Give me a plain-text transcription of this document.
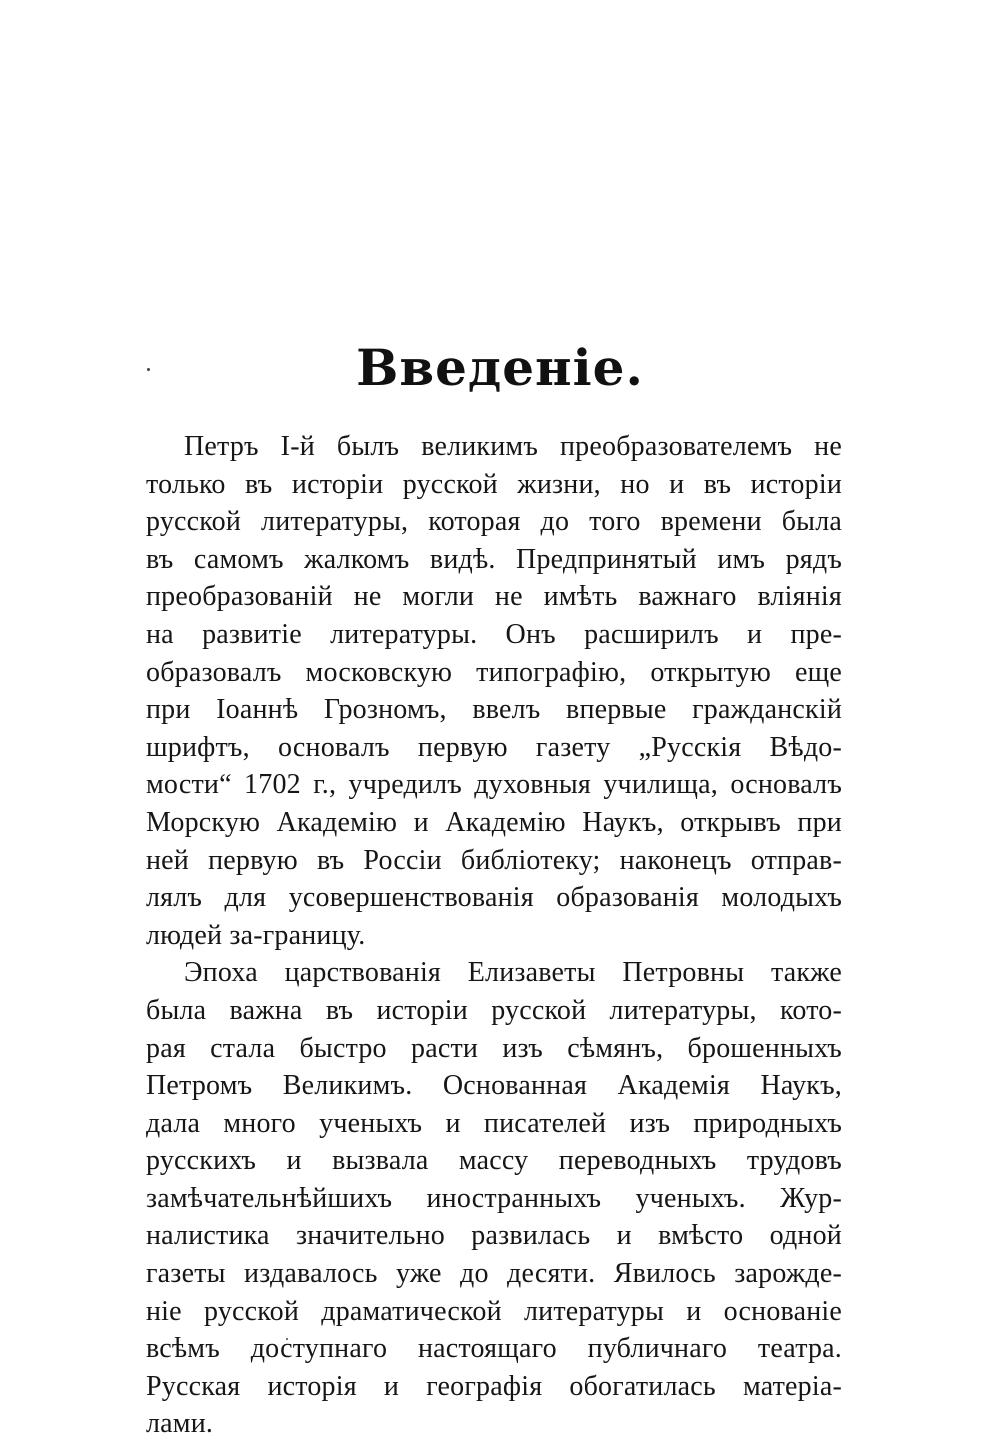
Введеніе.
Петръ І-й былъ великимъ преобразователемъ не
только въ исторіи русской жизни, но и въ исторіи
русской литературы, которая до того времени была
въ самомъ жалкомъ видѣ. Предпринятый имъ рядъ
преобразованій не могли не имѣть важнаго вліянія
на развитіе литературы. Онъ расширилъ и пре-
образовалъ московскую типографію, открытую еще
при Іоаннѣ Грозномъ, ввелъ впервые гражданскій
шрифтъ, основалъ первую газету „Русскія Вѣдо-
мости“ 1702 г., учредилъ духовныя училища, основалъ
Морскую Академію и Академію Наукъ, открывъ при
ней первую въ Россіи библіотеку; наконецъ отправ-
лялъ для усовершенствованія образованія молодыхъ
людей за-границу.
Эпоха царствованія Елизаветы Петровны также
была важна въ исторіи русской литературы, кото-
рая стала быстро расти изъ сѣмянъ, брошенныхъ
Петромъ Великимъ. Основанная Академія Наукъ,
дала много ученыхъ и писателей изъ природныхъ
русскихъ и вызвала массу переводныхъ трудовъ
замѣчательнѣйшихъ иностранныхъ ученыхъ. Жур-
налистика значительно развилась и вмѣсто одной
газеты издавалось уже до десяти. Явилось зарожде-
ніе русской драматической литературы и основаніе
всѣмъ доступнаго настоящаго публичнаго театра.
Русская исторія и географія обогатилась матеріа-
лами.
